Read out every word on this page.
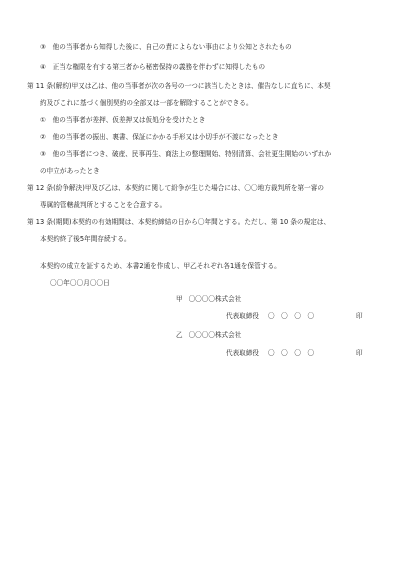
③　他の当事者から知得した後に、自己の責によらない事由により公知とされたもの
④　正当な権限を有する第三者から秘密保持の義務を伴わずに知得したもの
第 11 条(解約)甲又は乙は、他の当事者が次の各号の一つに該当したときは、催告なしに直ちに、本契
約及びこれに基づく個別契約の全部又は一部を解除することができる。
①　他の当事者が差押、仮差押又は仮処分を受けたとき
②　他の当事者の振出、裏書、保証にかかる手形又は小切手が不渡になったとき
③　他の当事者につき、破産、民事再生、商法上の整理開始、特別清算、会社更生開始のいずれか
の申立があったとき
第 12 条(紛争解決)甲及び乙は、本契約に関して紛争が生じた場合には、〇〇地方裁判所を第一審の
専属的管轄裁判所とすることを合意する。
第 13 条(期間)本契約の有効期間は、本契約締結の日から〇年間とする。ただし、第 10 条の規定は、
本契約終了後5年間存続する。
本契約の成立を証するため、本書2通を作成し、甲乙それぞれ各1通を保管する。
〇〇年〇〇月〇〇日
甲 〇〇〇〇株式会社
代表取締役 〇　〇　〇　〇	印
乙 〇〇〇〇株式会社
代表取締役 〇　〇　〇　〇	印
